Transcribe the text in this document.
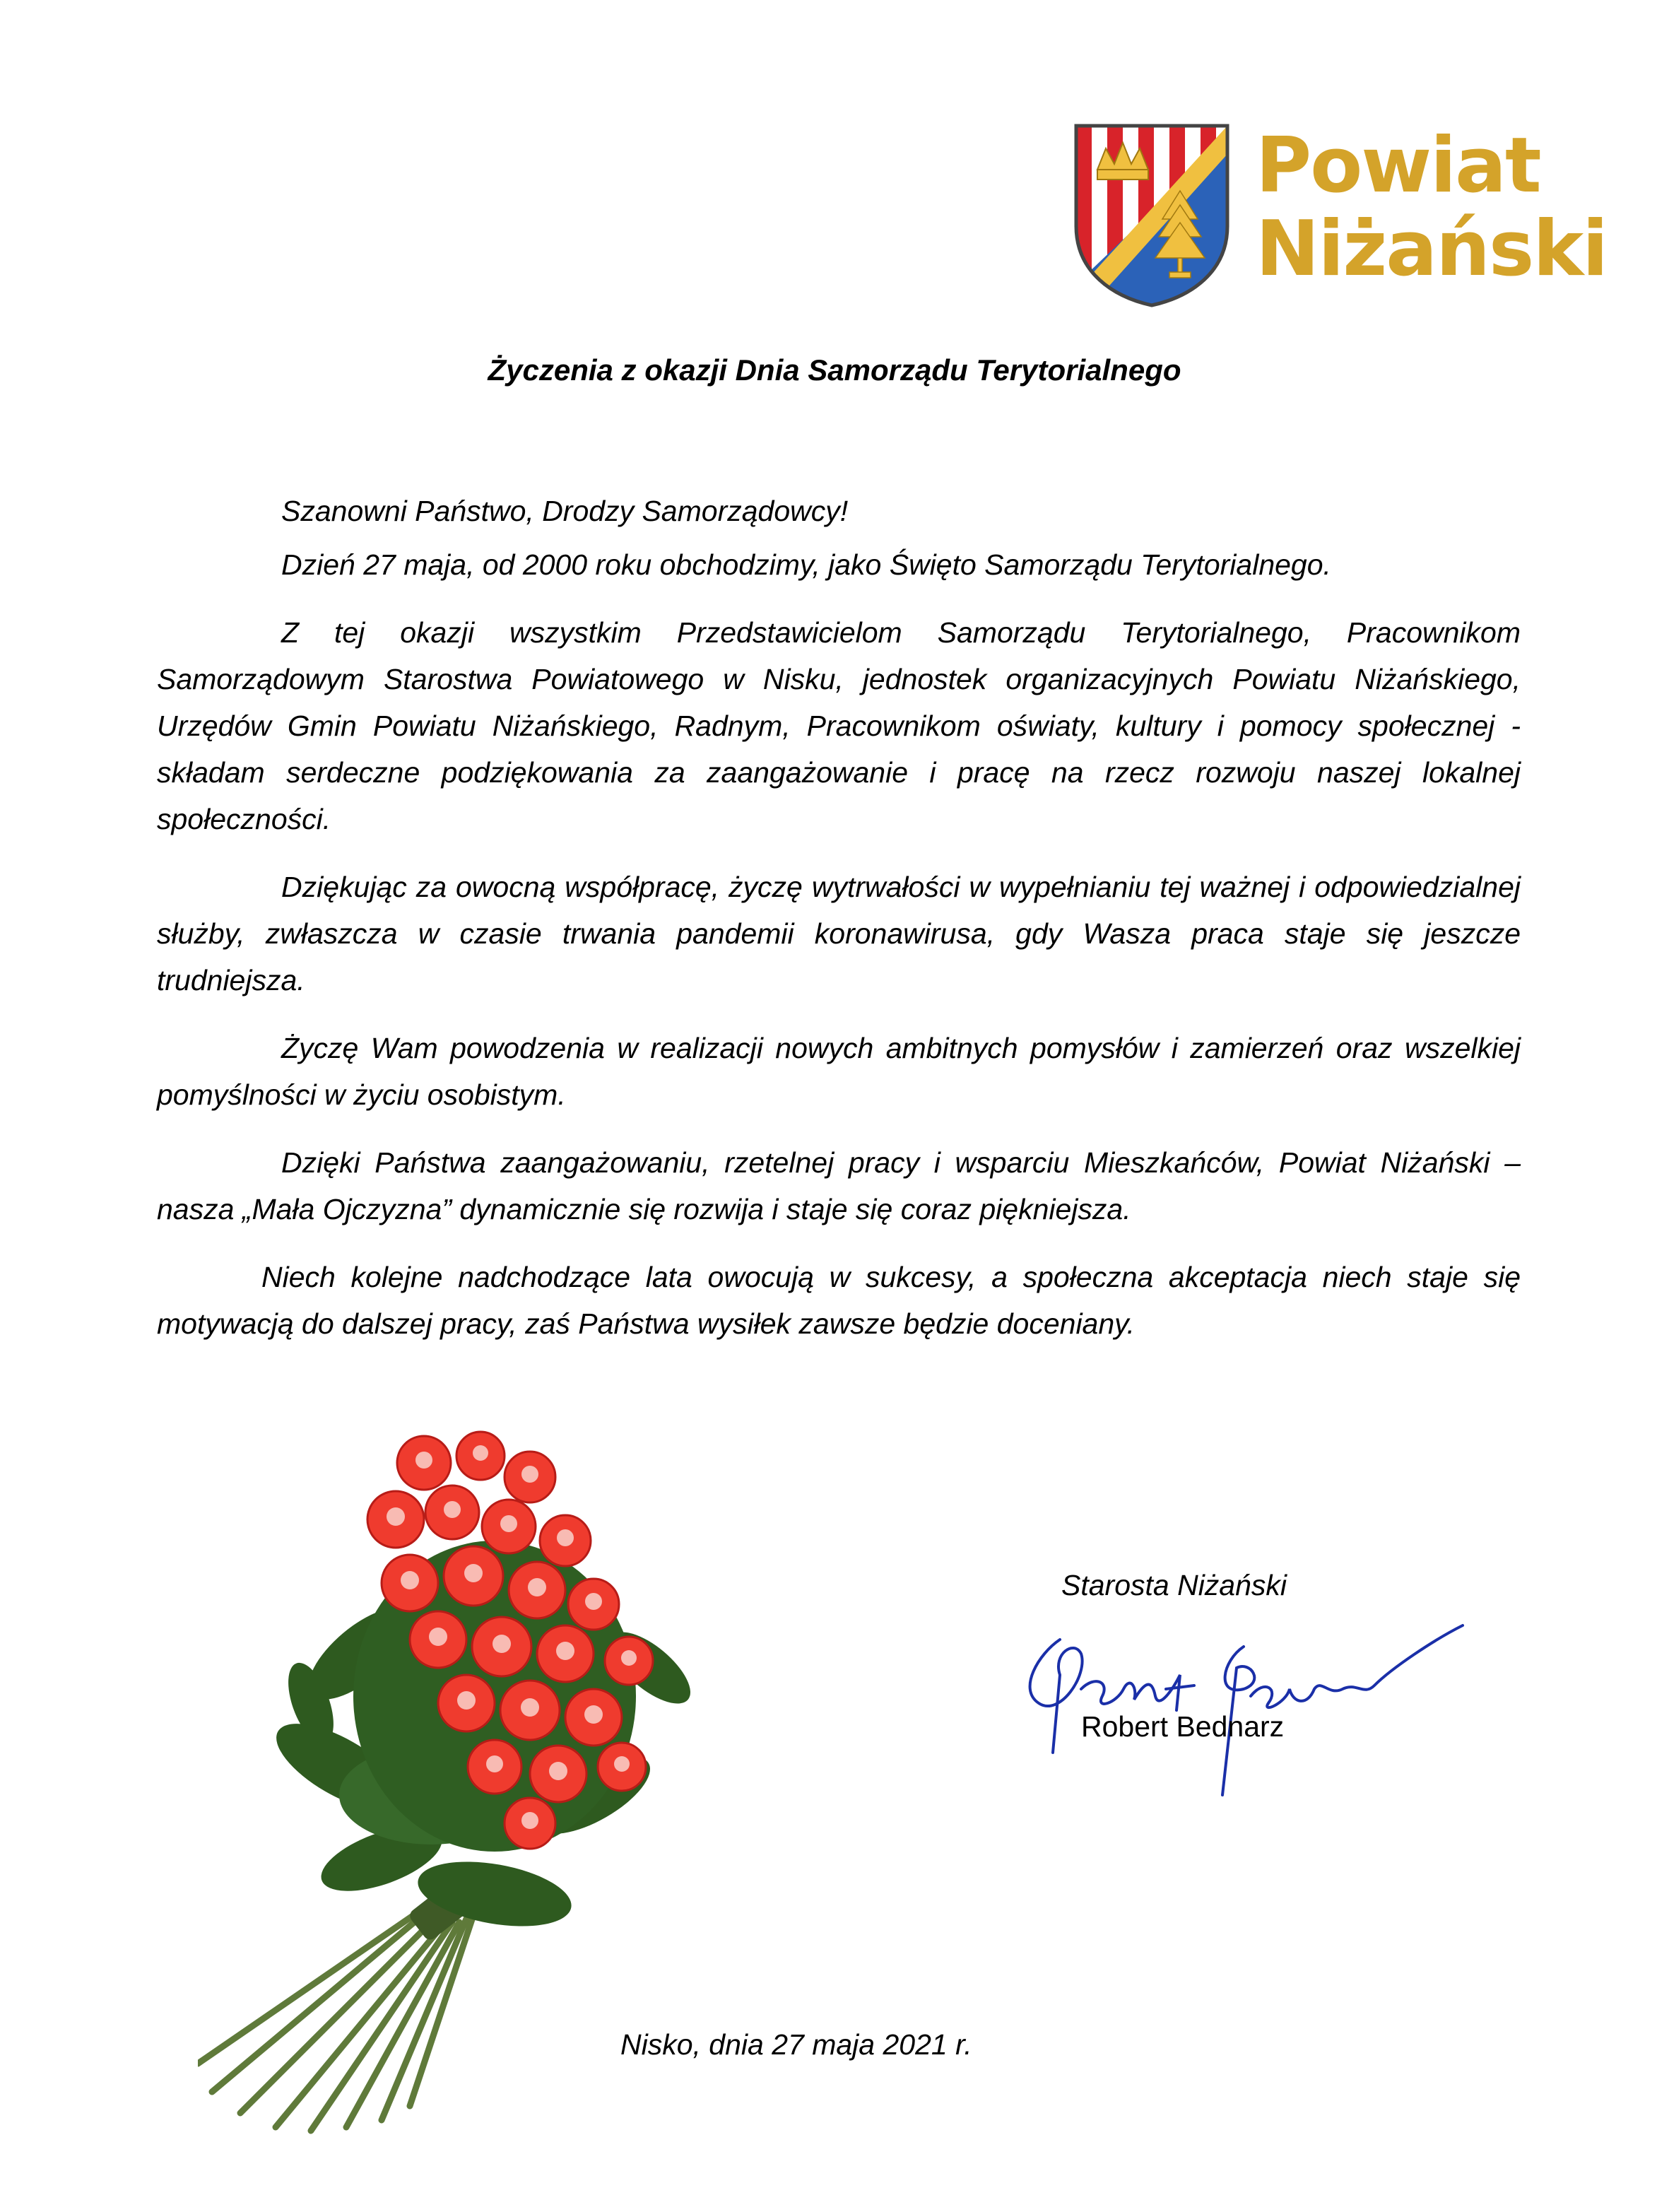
Powiat
Niżański
Życzenia z okazji Dnia Samorządu Terytorialnego

Szanowni Państwo, Drodzy Samorządowcy!

Dzień 27 maja, od 2000 roku obchodzimy, jako Święto Samorządu Terytorialnego.

Z tej okazji wszystkim Przedstawicielom Samorządu Terytorialnego, Pracownikom Samorządowym Starostwa Powiatowego w Nisku, jednostek organizacyjnych Powiatu Niżańskiego, Urzędów Gmin Powiatu Niżańskiego, Radnym, Pracownikom oświaty, kultury i pomocy społecznej - składam serdeczne podziękowania za zaangażowanie i pracę na rzecz rozwoju naszej lokalnej społeczności.

Dziękując za owocną współpracę, życzę wytrwałości w wypełnianiu tej ważnej i odpowiedzialnej służby, zwłaszcza w czasie trwania pandemii koronawirusa, gdy Wasza praca staje się jeszcze trudniejsza.

Życzę Wam powodzenia w realizacji nowych ambitnych pomysłów i zamierzeń oraz wszelkiej pomyślności w życiu osobistym.

Dzięki Państwa zaangażowaniu, rzetelnej pracy i wsparciu Mieszkańców, Powiat Niżański – nasza „Mała Ojczyzna” dynamicznie się rozwija i staje się coraz piękniejsza.

Niech kolejne nadchodzące lata owocują w sukcesy, a społeczna akceptacja niech staje się motywacją do dalszej pracy, zaś Państwa wysiłek zawsze będzie doceniany.

Starosta Niżański
Robert Bednarz
Nisko, dnia 27 maja 2021 r.
